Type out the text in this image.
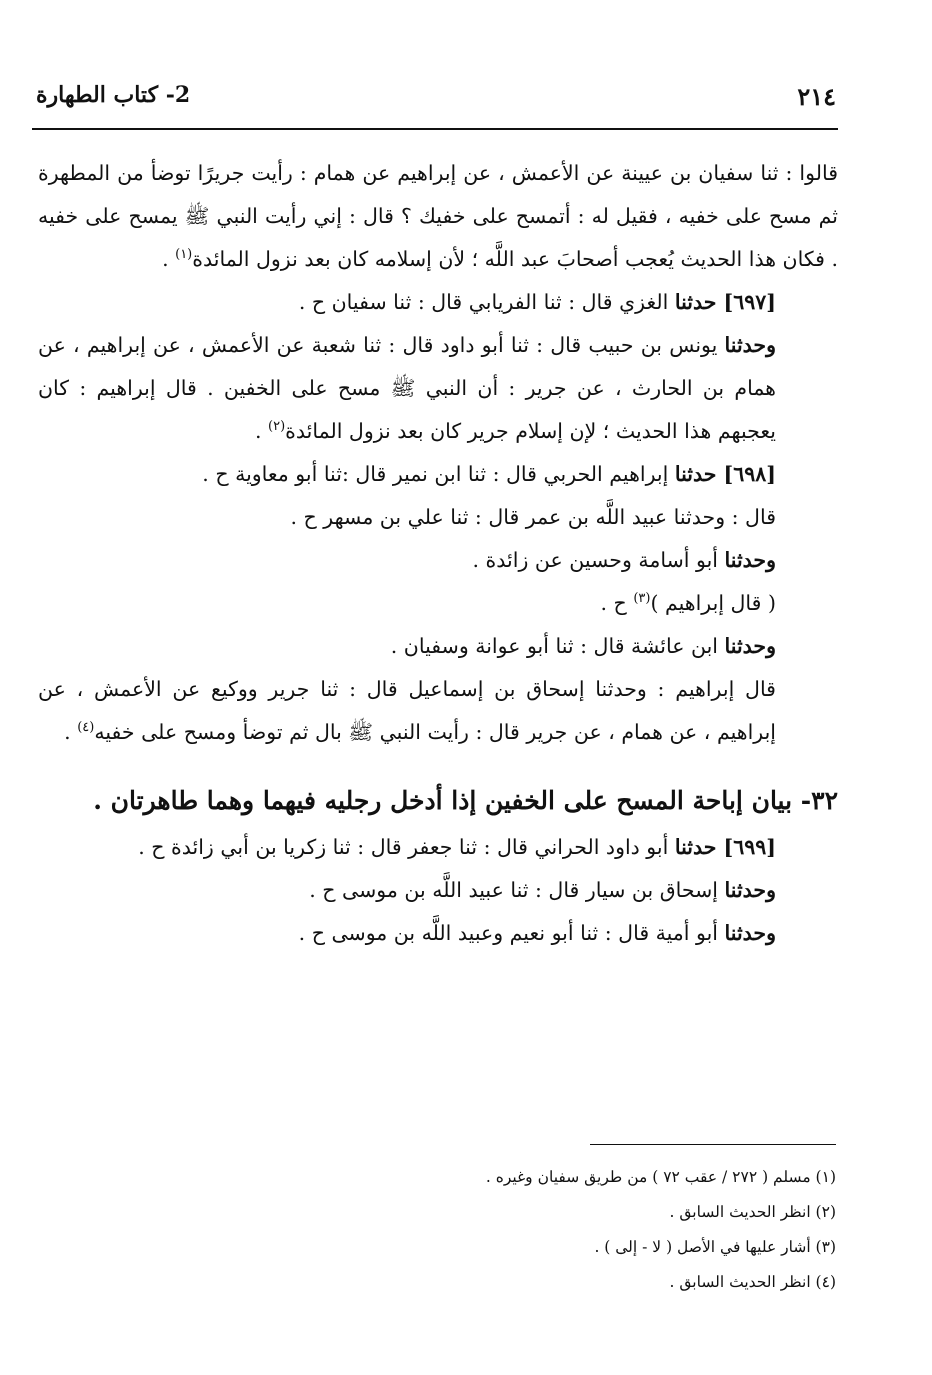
٢١٤
2- كتاب الطهارة

قالوا : ثنا سفيان بن عيينة عن الأعمش ، عن إبراهيم عن همام : رأيت جريرًا توضأ من المطهرة ثم مسح على خفيه ، فقيل له : أتمسح على خفيك ؟ قال : إني رأيت النبي ﷺ يمسح على خفيه . فكان هذا الحديث يُعجب أصحابَ عبد اللَّه ؛ لأن إسلامه كان بعد نزول المائدة$^{(١)}$ .

[٦٩٧] حدثنا الغزي قال : ثنا الفريابي قال : ثنا سفيان ح .

وحدثنا يونس بن حبيب قال : ثنا أبو داود قال : ثنا شعبة عن الأعمش ، عن إبراهيم ، عن همام بن الحارث ، عن جرير : أن النبي ﷺ مسح على الخفين . قال إبراهيم : كان يعجبهم هذا الحديث ؛ لإن إسلام جرير كان بعد نزول المائدة$^{(٢)}$ .

[٦٩٨] حدثنا إبراهيم الحربي قال : ثنا ابن نمير قال :ثنا أبو معاوية ح .

قال : وحدثنا عبيد اللَّه بن عمر قال : ثنا علي بن مسهر ح .

وحدثنا أبو أسامة وحسين عن زائدة .

( قال إبراهيم )$^{(٣)}$ ح .

وحدثنا ابن عائشة قال : ثنا أبو عوانة وسفيان .

قال إبراهيم : وحدثنا إسحاق بن إسماعيل قال : ثنا جرير ووكيع عن الأعمش ، عن إبراهيم ، عن همام ، عن جرير قال : رأيت النبي ﷺ بال ثم توضأ ومسح على خفيه$^{(٤)}$ .

٣٢- بيان إباحة المسح على الخفين إذا أدخل رجليه فيهما وهما طاهرتان .

[٦٩٩] حدثنا أبو داود الحراني قال : ثنا جعفر قال : ثنا زكريا بن أبي زائدة ح .

وحدثنا إسحاق بن سيار قال : ثنا عبيد اللَّه بن موسى ح .

وحدثنا أبو أمية قال : ثنا أبو نعيم وعبيد اللَّه بن موسى ح .

(١) مسلم ( ٢٧٢ / عقب ٧٢ ) من طريق سفيان وغيره .

(٢) انظر الحديث السابق .

(٣) أشار عليها في الأصل ( لا - إلى ) .

(٤) انظر الحديث السابق .
